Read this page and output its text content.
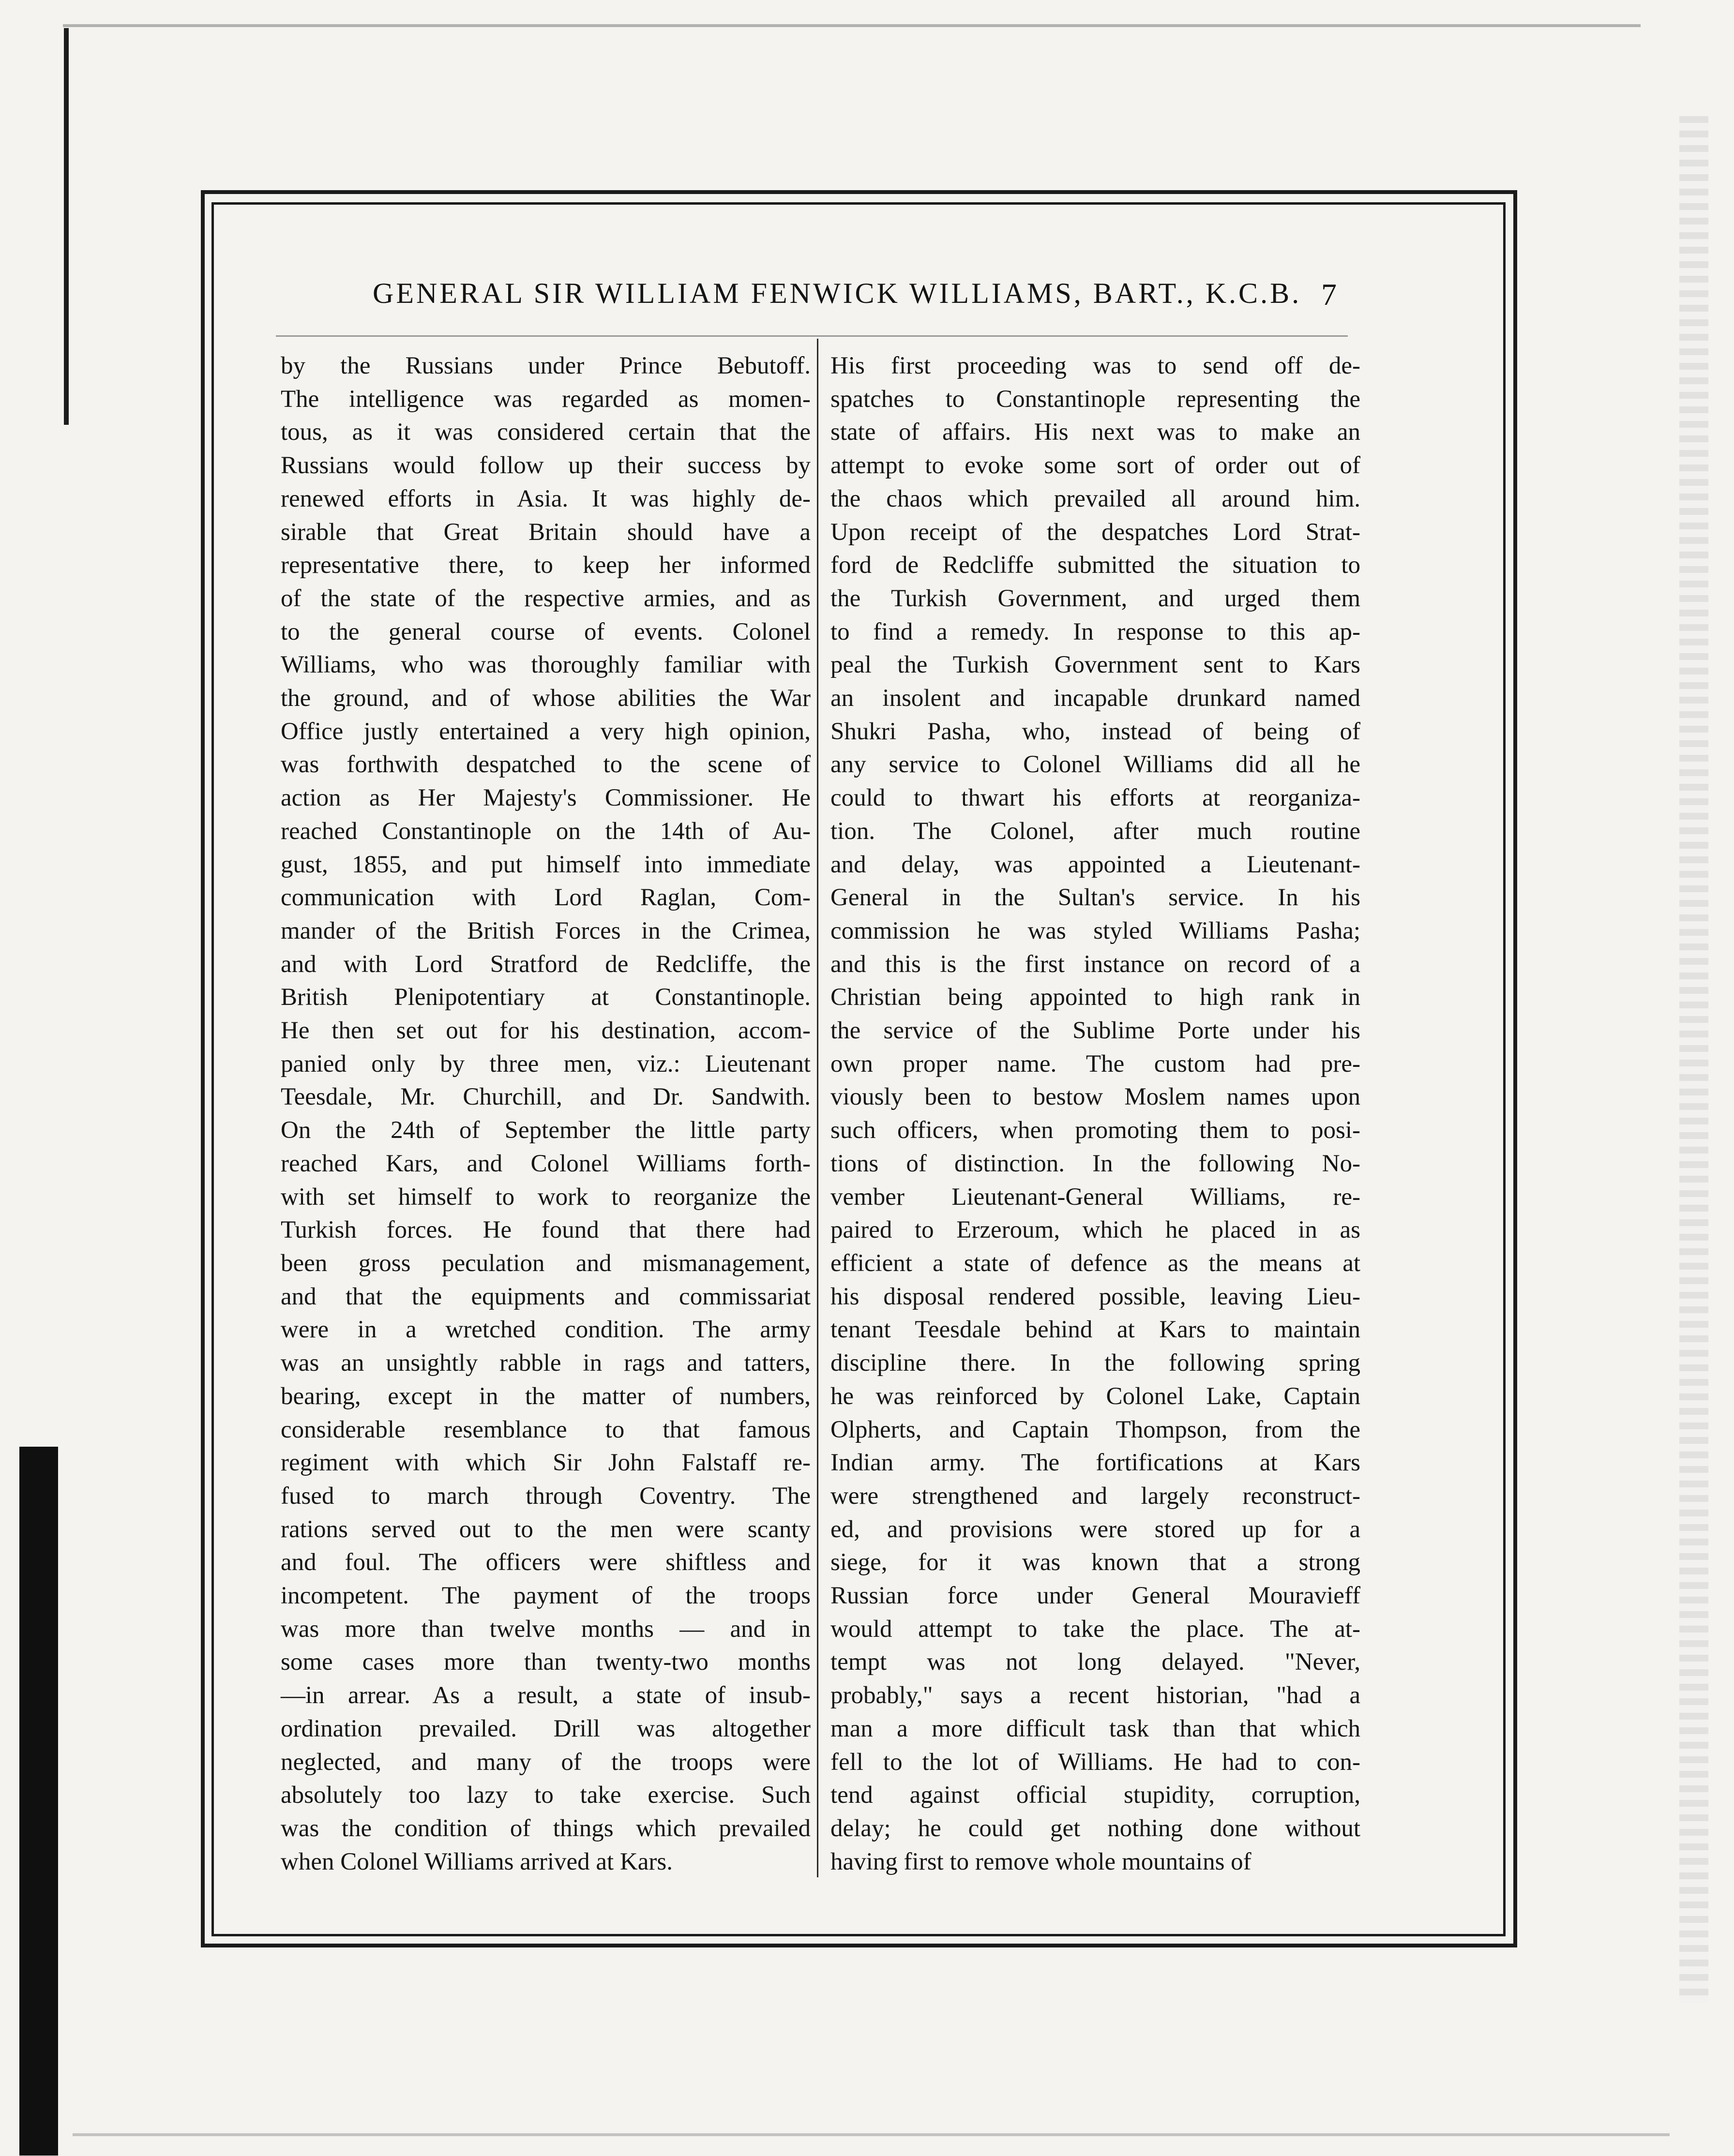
GENERAL SIR WILLIAM FENWICK WILLIAMS, BART., K.C.B. 7
by the Russians under Prince Bebutoff.
The intelligence was regarded as momen-
tous, as it was considered certain that the
Russians would follow up their success by
renewed efforts in Asia. It was highly de-
sirable that Great Britain should have a
representative there, to keep her informed
of the state of the respective armies, and as
to the general course of events. Colonel
Williams, who was thoroughly familiar with
the ground, and of whose abilities the War
Office justly entertained a very high opinion,
was forthwith despatched to the scene of
action as Her Majesty's Commissioner. He
reached Constantinople on the 14th of Au-
gust, 1855, and put himself into immediate
communication with Lord Raglan, Com-
mander of the British Forces in the Crimea,
and with Lord Stratford de Redcliffe, the
British Plenipotentiary at Constantinople.
He then set out for his destination, accom-
panied only by three men, viz.: Lieutenant
Teesdale, Mr. Churchill, and Dr. Sandwith.
On the 24th of September the little party
reached Kars, and Colonel Williams forth-
with set himself to work to reorganize the
Turkish forces. He found that there had
been gross peculation and mismanagement,
and that the equipments and commissariat
were in a wretched condition. The army
was an unsightly rabble in rags and tatters,
bearing, except in the matter of numbers,
considerable resemblance to that famous
regiment with which Sir John Falstaff re-
fused to march through Coventry. The
rations served out to the men were scanty
and foul. The officers were shiftless and
incompetent. The payment of the troops
was more than twelve months — and in
some cases more than twenty-two months
—in arrear. As a result, a state of insub-
ordination prevailed. Drill was altogether
neglected, and many of the troops were
absolutely too lazy to take exercise. Such
was the condition of things which prevailed
when Colonel Williams arrived at Kars.
His first proceeding was to send off de-
spatches to Constantinople representing the
state of affairs. His next was to make an
attempt to evoke some sort of order out of
the chaos which prevailed all around him.
Upon receipt of the despatches Lord Strat-
ford de Redcliffe submitted the situation to
the Turkish Government, and urged them
to find a remedy. In response to this ap-
peal the Turkish Government sent to Kars
an insolent and incapable drunkard named
Shukri Pasha, who, instead of being of
any service to Colonel Williams did all he
could to thwart his efforts at reorganiza-
tion. The Colonel, after much routine
and delay, was appointed a Lieutenant-
General in the Sultan's service. In his
commission he was styled Williams Pasha;
and this is the first instance on record of a
Christian being appointed to high rank in
the service of the Sublime Porte under his
own proper name. The custom had pre-
viously been to bestow Moslem names upon
such officers, when promoting them to posi-
tions of distinction. In the following No-
vember Lieutenant-General Williams, re-
paired to Erzeroum, which he placed in as
efficient a state of defence as the means at
his disposal rendered possible, leaving Lieu-
tenant Teesdale behind at Kars to maintain
discipline there. In the following spring
he was reinforced by Colonel Lake, Captain
Olpherts, and Captain Thompson, from the
Indian army. The fortifications at Kars
were strengthened and largely reconstruct-
ed, and provisions were stored up for a
siege, for it was known that a strong
Russian force under General Mouravieff
would attempt to take the place. The at-
tempt was not long delayed. "Never,
probably," says a recent historian, "had a
man a more difficult task than that which
fell to the lot of Williams. He had to con-
tend against official stupidity, corruption,
delay; he could get nothing done without
having first to remove whole mountains of
